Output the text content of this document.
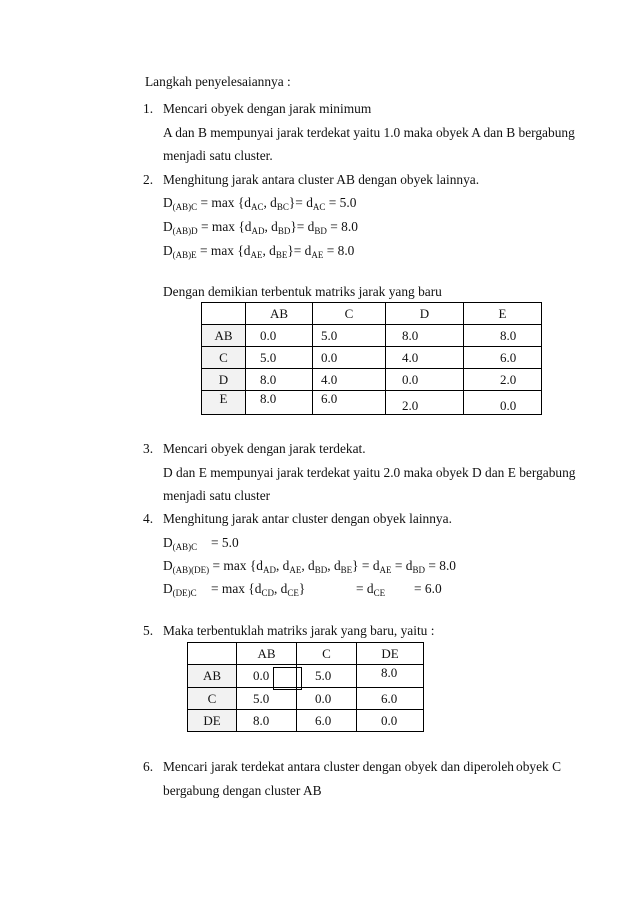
Langkah penyelesaiannya :
1. Mencari obyek dengan jarak minimum
A dan B mempunyai jarak terdekat yaitu 1.0 maka obyek A dan B bergabung
menjadi satu cluster.
2. Menghitung jarak antara cluster AB dengan obyek lainnya.
$D_{(AB)C} = \max \{d_{AC}$, $d_{BC}\}= d_{AC} = 5.0$
$D_{(AB)D} = \max \{d_{AD}$, $d_{BD}\}= d_{BD} = 8.0$
$D_{(AB)E} = \max \{d_{AE}$, $d_{BE}\}= d_{AE} = 8.0$
Dengan demikian terbentuk matriks jarak yang baru
	AB	C	D	E
AB	0.0	5.0	8.0	8.0
C	5.0	0.0	4.0	6.0
D	8.0	4.0	0.0	2.0
E	8.0	6.0	2.0	0.0
3. Mencari obyek dengan jarak terdekat.
D dan E mempunyai jarak terdekat yaitu 2.0 maka obyek D dan E bergabung
menjadi satu cluster
4. Menghitung jarak antar cluster dengan obyek lainnya.
$D_{(AB)C} = 5.0$
$D_{(AB)(DE)} = \max \{d_{AD}$, $d_{AE}$, $d_{BD}$, $d_{BE}\} = d_{AE} = d_{BD} = 8.0$
$D_{(DE)C} = \max \{d_{CD}$, $d_{CE}$}	= $d_{CE} = 6.0$
5. Maka terbentuklah matriks jarak yang baru, yaitu :
	AB	C	DE
AB	0.0	5.0	8.0
C	5.0	0.0	6.0
DE	8.0	6.0	0.0
6. Mencari jarak terdekat antara cluster dengan obyek dan diperoleh obyek C
bergabung dengan cluster AB
